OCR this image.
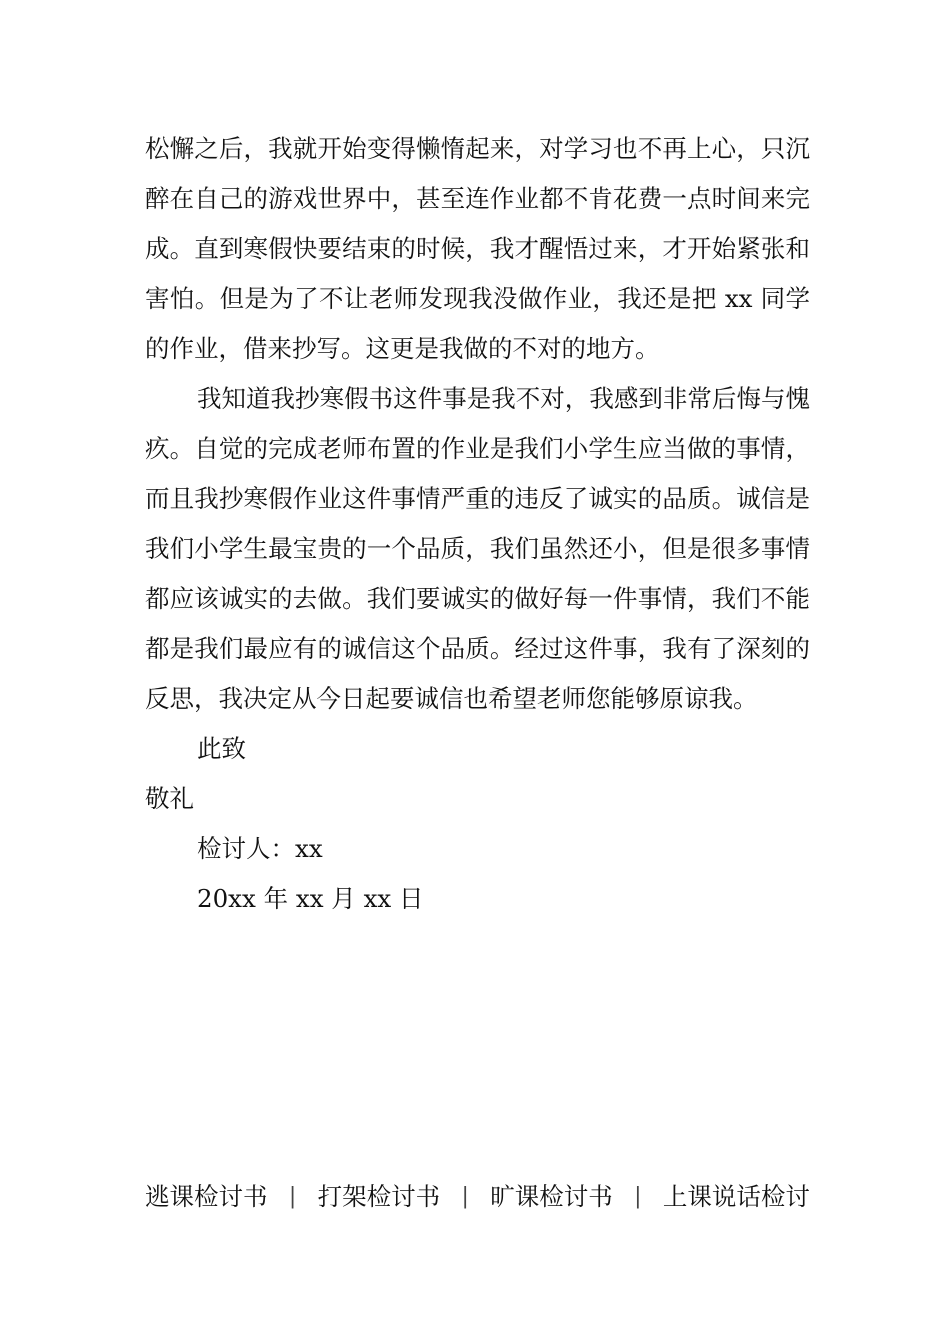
松懈之后，我就开始变得懒惰起来，对学习也不再上心，只沉醉在自己的游戏世界中，甚至连作业都不肯花费一点时间来完成。直到寒假快要结束的时候，我才醒悟过来，才开始紧张和害怕。但是为了不让老师发现我没做作业，我还是把 xx 同学的作业，借来抄写。这更是我做的不对的地方。

我知道我抄寒假书这件事是我不对，我感到非常后悔与愧疚。自觉的完成老师布置的作业是我们小学生应当做的事情，而且我抄寒假作业这件事情严重的违反了诚实的品质。诚信是我们小学生最宝贵的一个品质，我们虽然还小，但是很多事情都应该诚实的去做。我们要诚实的做好每一件事情，我们不能都是我们最应有的诚信这个品质。经过这件事，我有了深刻的反思，我决定从今日起要诚信也希望老师您能够原谅我。

此致

敬礼

检讨人：xx

20xx 年 xx 月 xx 日

逃课检讨书 | 打架检讨书 | 旷课检讨书 | 上课说话检讨
